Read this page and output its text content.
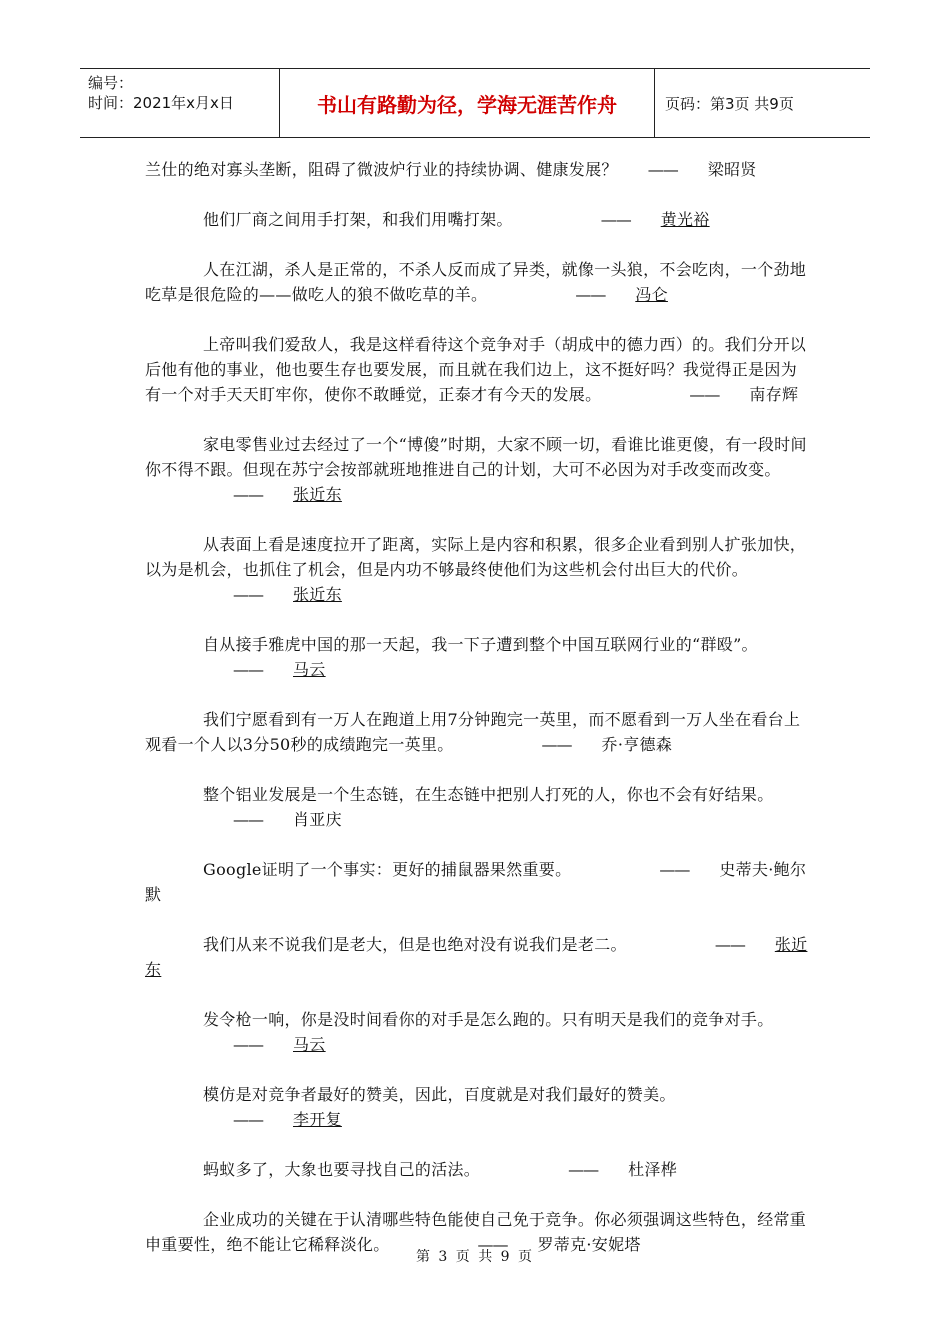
编号：
时间：2021年x月x日	书山有路勤为径，学海无涯苦作舟	页码：第3页 共9页

兰仕的绝对寡头垄断，阻碍了微波炉行业的持续协调、健康发展？ —— 梁昭贤

他们厂商之间用手打架，和我们用嘴打架。	—— 黄光裕

人在江湖，杀人是正常的，不杀人反而成了异类，就像一头狼，不会吃肉，一个劲地吃草是很危险的——做吃人的狼不做吃草的羊。	—— 冯仑

上帝叫我们爱敌人，我是这样看待这个竞争对手（胡成中的德力西）的。我们分开以后他有他的事业，他也要生存也要发展，而且就在我们边上，这不挺好吗？我觉得正是因为有一个对手天天盯牢你，使你不敢睡觉，正泰才有今天的发展。	—— 南存辉

家电零售业过去经过了一个“博傻”时期，大家不顾一切，看谁比谁更傻，有一段时间你不得不跟。但现在苏宁会按部就班地推进自己的计划，大可不必因为对手改变而改变。—— 张近东

从表面上看是速度拉开了距离，实际上是内容和积累，很多企业看到别人扩张加快，以为是机会，也抓住了机会，但是内功不够最终使他们为这些机会付出巨大的代价。—— 张近东

自从接手雅虎中国的那一天起，我一下子遭到整个中国互联网行业的“群殴”。—— 马云

我们宁愿看到有一万人在跑道上用7分钟跑完一英里，而不愿看到一万人坐在看台上观看一个人以3分50秒的成绩跑完一英里。	—— 乔·亨德森

整个铝业发展是一个生态链，在生态链中把别人打死的人，你也不会有好结果。—— 肖亚庆

Google证明了一个事实：更好的捕鼠器果然重要。	—— 史蒂夫·鲍尔默

我们从来不说我们是老大，但是也绝对没有说我们是老二。	—— 张近东

发令枪一响，你是没时间看你的对手是怎么跑的。只有明天是我们的竞争对手。—— 马云

模仿是对竞争者最好的赞美，因此，百度就是对我们最好的赞美。—— 李开复

蚂蚁多了，大象也要寻找自己的活法。	—— 杜泽桦

企业成功的关键在于认清哪些特色能使自己免于竞争。你必须强调这些特色，经常重申重要性，绝不能让它稀释淡化。	—— 罗蒂克·安妮塔

第 3 页 共 9 页
